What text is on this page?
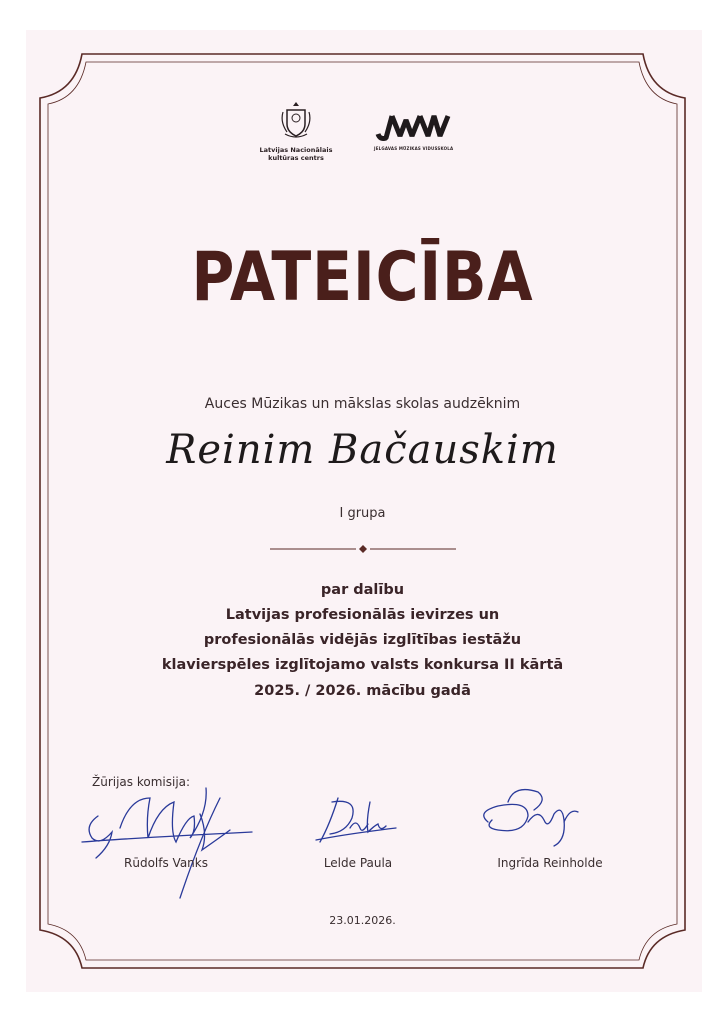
Latvijas Nacionālais kultūras centrs
JELGAVAS MŪZIKAS VIDUSSKOLA
PATEICĪBA
Auces Mūzikas un mākslas skolas audzēknim
Reinim Bačauskim
I grupa
par dalību
Latvijas profesionālās ievirzes un
profesionālās vidējās izglītības iestāžu
klavierspēles izglītojamo valsts konkursa II kārtā
2025. / 2026. mācību gadā
Žūrijas komisija:
Rūdolfs Vanks	Lelde Paula	Ingrīda Reinholde
23.01.2026.
